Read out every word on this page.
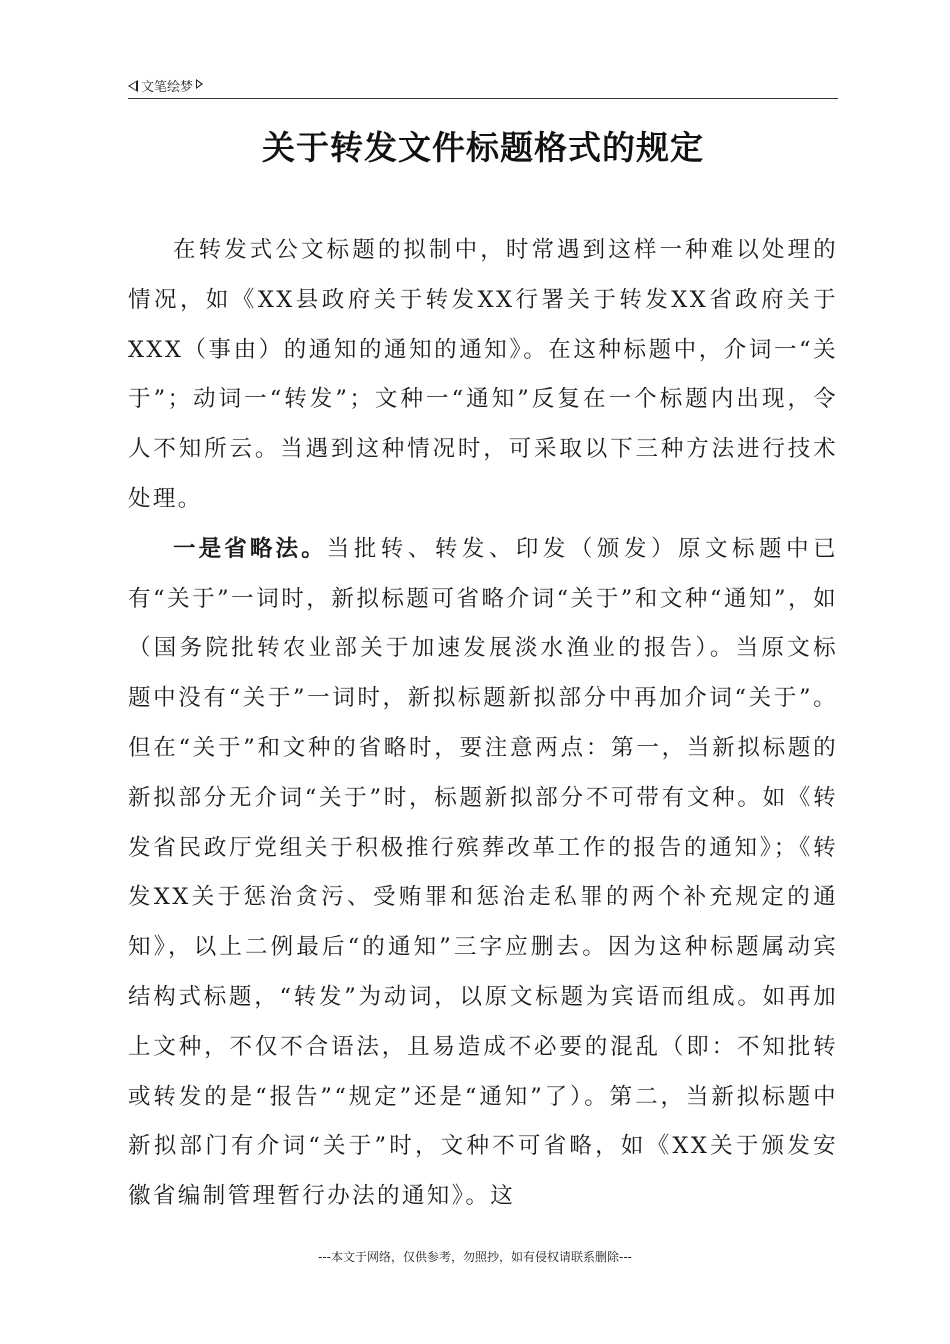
文笔绘梦
关于转发文件标题格式的规定

在转发式公文标题的拟制中，时常遇到这样一种难以处理的情况，如《XX县政府关于转发XX行署关于转发XX省政府关于XXX（事由）的通知的通知的通知》。在这种标题中，介词一“关于”；动词一“转发”；文种一“通知”反复在一个标题内出现，令人不知所云。当遇到这种情况时，可采取以下三种方法进行技术处理。

一是省略法。当批转、转发、印发（颁发）原文标题中已有“关于”一词时，新拟标题可省略介词“关于”和文种“通知”，如（国务院批转农业部关于加速发展淡水渔业的报告）。当原文标题中没有“关于”一词时，新拟标题新拟部分中再加介词“关于”。但在“关于”和文种的省略时，要注意两点：第一，当新拟标题的新拟部分无介词“关于”时，标题新拟部分不可带有文种。如《转发省民政厅党组关于积极推行殡葬改革工作的报告的通知》；《转发XX关于惩治贪污、受贿罪和惩治走私罪的两个补充规定的通知》，以上二例最后“的通知”三字应删去。因为这种标题属动宾结构式标题，“转发”为动词，以原文标题为宾语而组成。如再加上文种，不仅不合语法，且易造成不必要的混乱（即：不知批转或转发的是“报告”“规定”还是“通知”了）。第二，当新拟标题中新拟部门有介词“关于”时，文种不可省略，如《XX关于颁发安徽省编制管理暂行办法的通知》。这

---本文于网络，仅供参考，勿照抄，如有侵权请联系删除---
